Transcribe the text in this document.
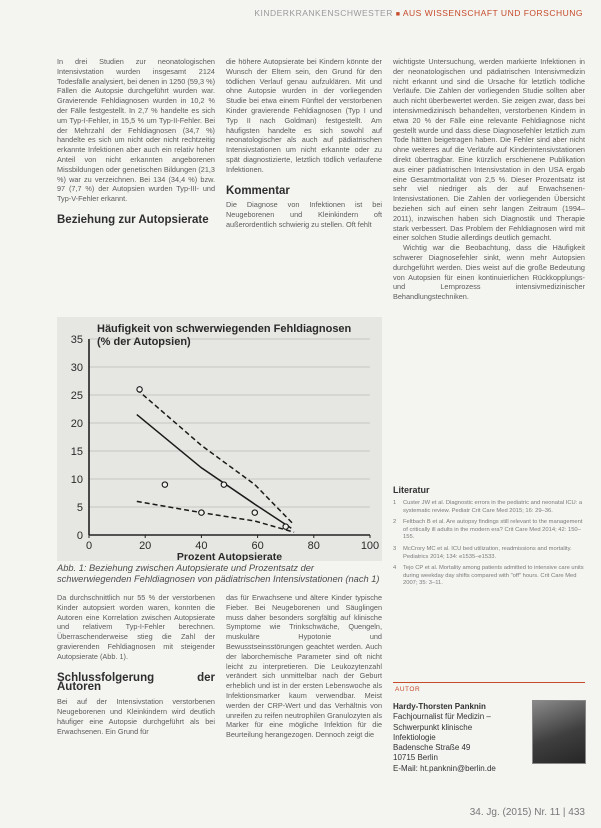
KINDERKRANKENSCHWESTER ■ AUS WISSENSCHAFT UND FORSCHUNG

In drei Studien zur neonatologischen Intensivstation wurden insgesamt 2124 Todesfälle analysiert, bei denen in 1250 (59,3 %) Fällen die Autopsie durchgeführt wurden war. Gravierende Fehldiagnosen wurden in 10,2 % der Fälle festgestellt. In 2,7 % handelte es sich um Typ-I-Fehler, in 15,5 % um Typ-II-Fehler. Bei der Mehrzahl der Fehldiagnosen (34,7 %) handelte es sich um nicht oder nicht rechtzeitig erkannte Infektionen aber auch ein relativ hoher Anteil von nicht erkannten angeborenen Missbildungen oder genetischen Bildungen (21,3 %) war zu verzeichnen. Bei 134 (34,4 %) bzw. 97 (7,7 %) der Autopsien wurden Typ-III- und Typ-V-Fehler erkannt.

Beziehung zur Autopsierate

die höhere Autopsierate bei Kindern könnte der Wunsch der Eltern sein, den Grund für den tödlichen Verlauf genau aufzuklären. Mit und ohne Autopsie wurden in der vorliegenden Studie bei etwa einem Fünftel der verstorbenen Kinder gravierende Fehldiagnosen (Typ I und Typ II nach Goldman) festgestellt. Am häufigsten handelte es sich sowohl auf neonatologischer als auch auf pädiatrischen Intensivstationen um nicht erkannte oder zu spät diagnostizierte, letztlich tödlich verlaufene Infektionen.

Kommentar

Die Diagnose von Infektionen ist bei Neugeborenen und Kleinkindern oft außerordentlich schwierig zu stellen. Oft fehlt

wichtigste Untersuchung, werden markierte Infektionen in der neonatologischen und pädiatrischen Intensivmedizin nicht erkannt und sind die Ursache für letztlich tödliche Verläufe. Die Zahlen der vorliegenden Studie sollten aber auch nicht überbewertet werden. Sie zeigen zwar, dass bei intensivmedizinisch behandelten, verstorbenen Kindern in etwa 20 % der Fälle eine relevante Fehldiagnose nicht gestellt wurde und dass diese Diagnosefehler letztlich zum Tode hätten beigetragen haben. Die Fehler sind aber nicht ohne weiteres auf die Verläufe auf Kinderintensivstationen direkt übertragbar. Eine kürzlich erschienene Publikation aus einer pädiatrischen Intensivstation in den USA ergab eine Gesamtmortalität von 2,5 %. Dieser Prozentsatz ist sehr viel niedriger als der auf Erwachsenen-Intensivstationen. Die Zahlen der vorliegenden Übersicht beziehen sich auf einen sehr langen Zeitraum (1994–2011), inzwischen haben sich Diagnostik und Therapie stark verbessert. Das Problem der Fehldiagnosen wird mit einer solchen Studie allerdings deutlich gemacht.

Wichtig war die Beobachtung, dass die Häufigkeit schwerer Diagnosefehler sinkt, wenn mehr Autopsien durchgeführt werden. Dies weist auf die große Bedeutung von Autopsien für einen kontinuierlichen Rückkopplungs- und Lernprozess intensivmedizinischer Behandlungstechniken.

0
5
10
15
20
25
30
35
0	20	40	60	80	100
Prozent Autopsierate
Häufigkeit von schwerwiegenden Fehldiagnosen
(% der Autopsien)
Abb. 1: Beziehung zwischen Autopsierate und Prozentsatz der schwerwiegenden Fehldiagnosen von pädiatrischen Intensivstationen (nach 1)

Da durchschnittlich nur 55 % der verstorbenen Kinder autopsiert worden waren, konnten die Autoren eine Korrelation zwischen Autopsierate und relativem Typ-I-Fehler berechnen. Überraschenderweise stieg die Zahl der gravierenden Fehldiagnosen mit steigender Autopsierate (Abb. 1).

Schlussfolgerung der Autoren

Bei auf der Intensivstation verstorbenen Neugeborenen und Kleinkindern wird deutlich häufiger eine Autopsie durchgeführt als bei Erwachsenen. Ein Grund für

das für Erwachsene und ältere Kinder typische Fieber. Bei Neugeborenen und Säuglingen muss daher besonders sorgfältig auf klinische Symptome wie Trinkschwäche, Quengeln, muskuläre Hypotonie und Bewusstseinsstörungen geachtet werden. Auch der laborchemische Parameter sind oft nicht leicht zu interpretieren. Die Leukozytenzahl verändert sich unmittelbar nach der Geburt erheblich und ist in der ersten Lebenswoche als Infektionsmarker kaum verwendbar. Meist werden der CRP-Wert und das Verhältnis von unreifen zu reifen neutrophilen Granulozyten als Marker für eine mögliche Infektion für die Beurteilung herangezogen. Dennoch zeigt die

Literatur
1	Custer JW et al. Diagnostic errors in the pediatric and neonatal ICU: a systematic review. Pediatr Crit Care Med 2015; 16: 29–36.
2	Feltbach B et al. Are autopsy findings still relevant to the management of critically ill adults in the modern era? Crit Care Med 2014; 42: 150–155.
3	McCrory MC et al. ICU bed utilization, readmissions and mortality. Pediatrics 2014; 134: e1535–e1533.
4	Tejo CP et al. Mortality among patients admitted to intensive care units during weekday day shifts compared with "off" hours. Crit Care Med 2007; 35: 3–11.
AUTOR
Hardy-Thorsten Panknin
Fachjournalist für Medizin –
Schwerpunkt klinische
Infektiologie
Badensche Straße 49
10715 Berlin
E-Mail: ht.panknin@berlin.de
34. Jg. (2015) Nr. 11 | 433
